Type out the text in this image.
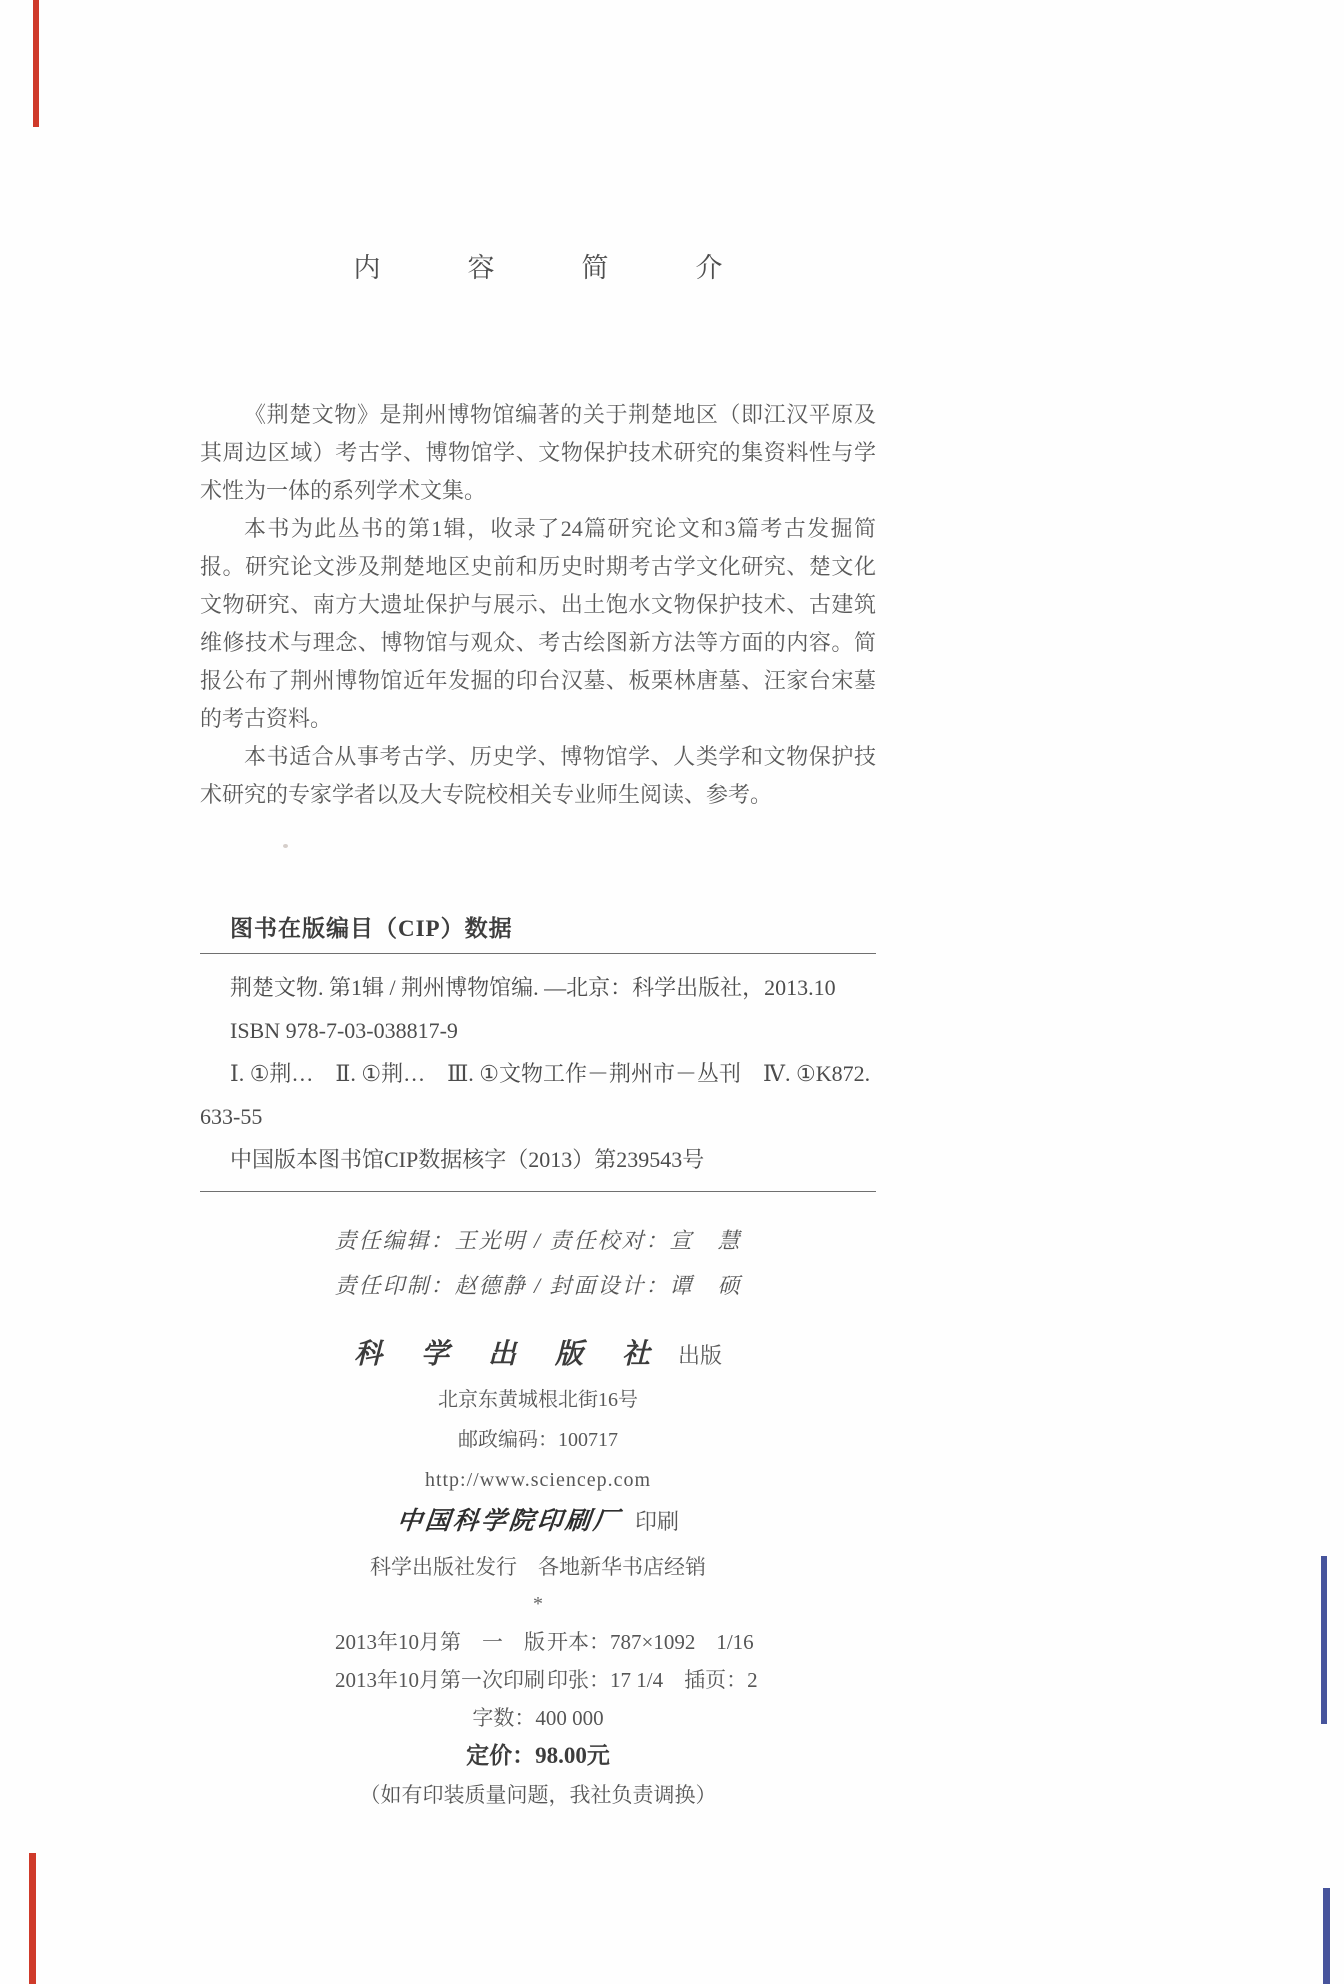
内　容　简　介

《荆楚文物》是荆州博物馆编著的关于荆楚地区（即江汉平原及其周边区域）考古学、博物馆学、文物保护技术研究的集资料性与学术性为一体的系列学术文集。

本书为此丛书的第1辑，收录了24篇研究论文和3篇考古发掘简报。研究论文涉及荆楚地区史前和历史时期考古学文化研究、楚文化文物研究、南方大遗址保护与展示、出土饱水文物保护技术、古建筑维修技术与理念、博物馆与观众、考古绘图新方法等方面的内容。简报公布了荆州博物馆近年发掘的印台汉墓、板栗林唐墓、汪家台宋墓的考古资料。

本书适合从事考古学、历史学、博物馆学、人类学和文物保护技术研究的专家学者以及大专院校相关专业师生阅读、参考。

图书在版编目（CIP）数据
荆楚文物. 第1辑 / 荆州博物馆编. —北京：科学出版社，2013.10
ISBN 978-7-03-038817-9
Ⅰ. ①荆…　Ⅱ. ①荆…　Ⅲ. ①文物工作－荆州市－丛刊　Ⅳ. ①K872.
633-55
中国版本图书馆CIP数据核字（2013）第239543号
责任编辑：王光明 / 责任校对：宣　慧
责任印制：赵德静 / 封面设计：谭　硕
科 学 出 版 社 出版
北京东黄城根北街16号
邮政编码：100717
http://www.sciencep.com
中国科学院印刷厂 印刷
科学出版社发行　各地新华书店经销
*
2013年10月第　一　版 开本：787×1092　1/16
2013年10月第一次印刷 印张：17 1/4　插页：2
字数：400 000
定价：98.00元
（如有印装质量问题，我社负责调换）
